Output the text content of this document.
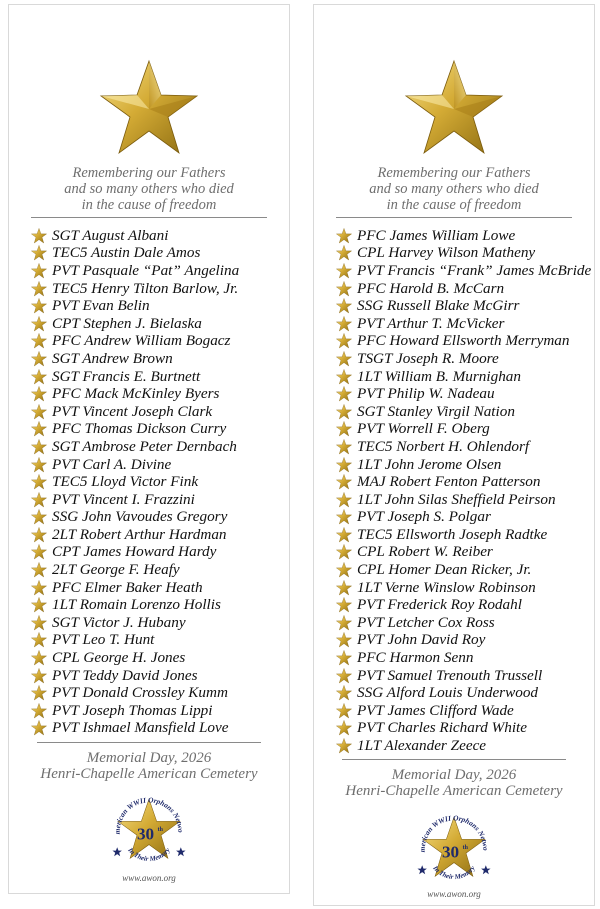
Remembering our Fathers
and so many others who died
in the cause of freedom
SGT August Albani
TEC5 Austin Dale Amos
PVT Pasquale “Pat” Angelina
TEC5 Henry Tilton Barlow, Jr.
PVT Evan Belin
CPT Stephen J. Bielaska
PFC Andrew William Bogacz
SGT Andrew Brown
SGT Francis E. Burtnett
PFC Mack McKinley Byers
PVT Vincent Joseph Clark
PFC Thomas Dickson Curry
SGT Ambrose Peter Dernbach
PVT Carl A. Divine
TEC5 Lloyd Victor Fink
PVT Vincent I. Frazzini
SSG John Vavoudes Gregory
2LT Robert Arthur Hardman
CPT James Howard Hardy
2LT George F. Heafy
PFC Elmer Baker Heath
1LT Romain Lorenzo Hollis
SGT Victor J. Hubany
PVT Leo T. Hunt
CPL George H. Jones
PVT Teddy David Jones
PVT Donald Crossley Kumm
PVT Joseph Thomas Lippi
PVT Ishmael Mansfield Love
Memorial Day, 2026
Henri-Chapelle American Cemetery
merican WWII Orphans Netwo
In Their Memory
30 th
www.awon.org
Remembering our Fathers
and so many others who died
in the cause of freedom
PFC James William Lowe
CPL Harvey Wilson Matheny
PVT Francis “Frank” James McBride
PFC Harold B. McCarn
SSG Russell Blake McGirr
PVT Arthur T. McVicker
PFC Howard Ellsworth Merryman
TSGT Joseph R. Moore
1LT William B. Murnighan
PVT Philip W. Nadeau
SGT Stanley Virgil Nation
PVT Worrell F. Oberg
TEC5 Norbert H. Ohlendorf
1LT John Jerome Olsen
MAJ Robert Fenton Patterson
1LT John Silas Sheffield Peirson
PVT Joseph S. Polgar
TEC5 Ellsworth Joseph Radtke
CPL Robert W. Reiber
CPL Homer Dean Ricker, Jr.
1LT Verne Winslow Robinson
PVT Frederick Roy Rodahl
PVT Letcher Cox Ross
PVT John David Roy
PFC Harmon Senn
PVT Samuel Trenouth Trussell
SSG Alford Louis Underwood
PVT James Clifford Wade
PVT Charles Richard White
1LT Alexander Zeece
Memorial Day, 2026
Henri-Chapelle American Cemetery
merican WWII Orphans Netwo
In Their Memory
30 th
www.awon.org
